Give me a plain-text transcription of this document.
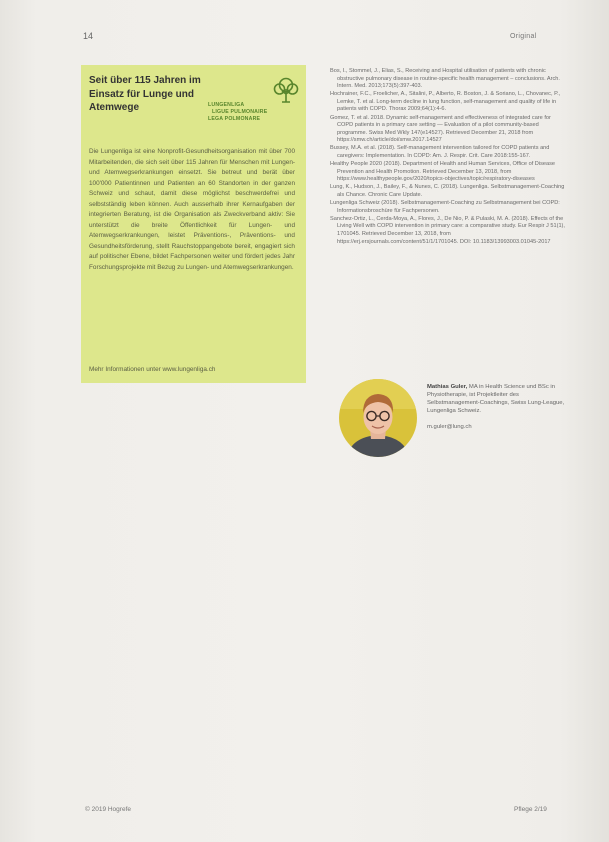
14	Original
Seit über 115 Jahren im Einsatz für Lunge und Atemwege	LUNGENLIGA
LIGUE PULMONAIRE
LEGA POLMONARE
Die Lungenliga ist eine Nonprofit-Gesundheitsorganisation mit über 700 Mitarbeitenden, die sich seit über 115 Jahren für Menschen mit Lungen- und Atemwegserkrankungen einsetzt. Sie betreut und berät über 100'000 Patientinnen und Patienten an 60 Standorten in der ganzen Schweiz und schaut, damit diese möglichst beschwerdefrei und selbstständig leben können. Auch ausserhalb ihrer Kernaufgaben der integrierten Beratung, ist die Organisation als Zweckverband aktiv: Sie unterstützt die breite Öffentlichkeit für Lungen- und Atemwegserkrankungen, leistet Präventions-, Präventions- und Gesundheitsförderung, stellt Rauchstoppangebote bereit, engagiert sich auf politischer Ebene, bildet Fachpersonen weiter und fördert jedes Jahr Forschungsprojekte mit Bezug zu Lungen- und Atemwegserkrankungen.
Mehr Informationen unter www.lungenliga.ch
Bos, I., Stommel, J., Elias, S., Receiving and Hospital utilisation of patients with chronic obstructive pulmonary disease in routine-specific health management – conclusions. Arch. Intern. Med. 2013;173(5):397-403.
Hochrainer, F.C., Froelicher, A., Sitalini, P., Alberto, R. Boston, J. & Soriano, L., Chovanec, P., Lemke, T. et al. Long-term decline in lung function, self-management and quality of life in patients with COPD. Thorax 2009;64(1):4-6.
Gomez, T. et al. 2018. Dynamic self-management and effectiveness of integrated care for COPD patients in a primary care setting — Evaluation of a pilot community-based programme. Swiss Med Wkly 147(e14527). Retrieved December 21, 2018 from https://smw.ch/article/doi/smw.2017.14527
Bussey, M.A. et al. (2018). Self-management intervention tailored for COPD patients and caregivers: Implementation. In COPD: Am. J. Respir. Crit. Care 2018:155-167.
Healthy People 2020 (2018). Department of Health and Human Services, Office of Disease Prevention and Health Promotion. Retrieved December 13, 2018, from https://www.healthypeople.gov/2020/topics-objectives/topic/respiratory-diseases
Lung, K., Hudson, J., Bailey, F., & Nunes, C. (2018). Lungenliga. Selbstmanagement-Coaching als Chance. Chronic Care Update.
Lungenliga Schweiz (2018). Selbstmanagement-Coaching zu Selbstmanagement bei COPD: Informationsbroschüre für Fachpersonen.
Sanchez-Ortiz, L., Cerda-Moya, A., Flores, J., De Nio, P. & Pulaski, M. A. (2018). Effects of the Living Well with COPD intervention in primary care: a comparative study. Eur Respir J 51(1), 1701045. Retrieved December 13, 2018, from https://erj.ersjournals.com/content/51/1/1701045. DOI: 10.1183/13993003.01045-2017
Mathias Guler, MA in Health Science und BSc in Physiotherapie, ist Projektleiter des Selbstmanagement-Coachings, Swiss Lung-League, Lungenliga Schweiz.
m.guler@lung.ch
© 2019 Hogrefe	Pflege 2/19
